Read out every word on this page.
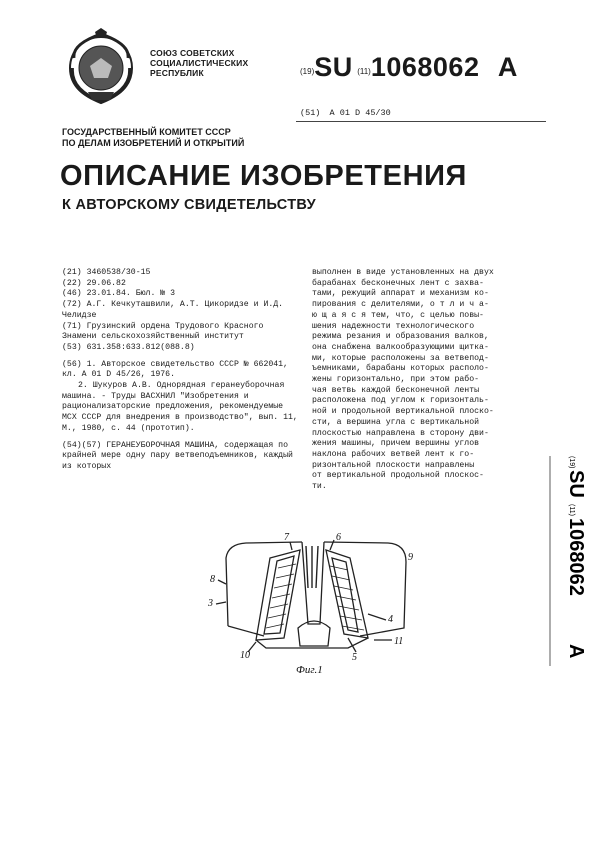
СОЮЗ СОВЕТСКИХ
СОЦИАЛИСТИЧЕСКИХ
РЕСПУБЛИК	(19)SU (11)1068062 A
(51) A 01 D 45/30
ГОСУДАРСТВЕННЫЙ КОМИТЕТ СССР
ПО ДЕЛАМ ИЗОБРЕТЕНИЙ И ОТКРЫТИЙ
ОПИСАНИЕ ИЗОБРЕТЕНИЯ
К АВТОРСКОМУ СВИДЕТЕЛЬСТВУ

(21) 3460538/30-15

(22) 29.06.82

(46) 23.01.84. Бюл. № 3

(72) А.Г. Кечкуташвили, А.Т. Цикоридзе и И.Д. Челидзе

(71) Грузинский ордена Трудового Красного Знамени сельскохозяйственный институт

(53) 631.358:633.812(088.8)

(56) 1. Авторское свидетельство СССР № 662041, кл. А 01 D 45/26, 1976.

2. Шукуров А.В. Однорядная геранеуборочная машина. - Труды ВАСХНИЛ "Изобретения и рационализаторские предложения, рекомендуемые МСХ СССР для внедрения в производство", вып. 11, М., 1980, с. 44 (прототип).

(54)(57) ГЕРАНЕУБОРОЧНАЯ МАШИНА, содержащая по крайней мере одну пару ветвеподъемников, каждый из которых

выполнен в виде установленных на двух
барабанах бесконечных лент с захва-
тами, режущий аппарат и механизм ко-
пирования с делителями, о т л и ч а-
ю щ а я с я тем, что, с целью повы-
шения надежности технологического
режима резания и образования валков,
она снабжена валкообразующими щитка-
ми, которые расположены за ветвепод-
ъемниками, барабаны которых располо-
жены горизонтально, при этом рабо-
чая ветвь каждой бесконечной ленты
расположена под углом к горизонталь-
ной и продольной вертикальной плоско-
сти, а вершина угла с вертикальной
плоскостью направлена в сторону дви-
жения машины, причем вершины углов
наклона рабочих ветвей лент к го-
ризонтальной плоскости направлены
от вертикальной продольной плоскос-
ти.
(19)
SU
(11)
1068062
A
7	6
9
8
3
4
10	5
11
Фиг.1
